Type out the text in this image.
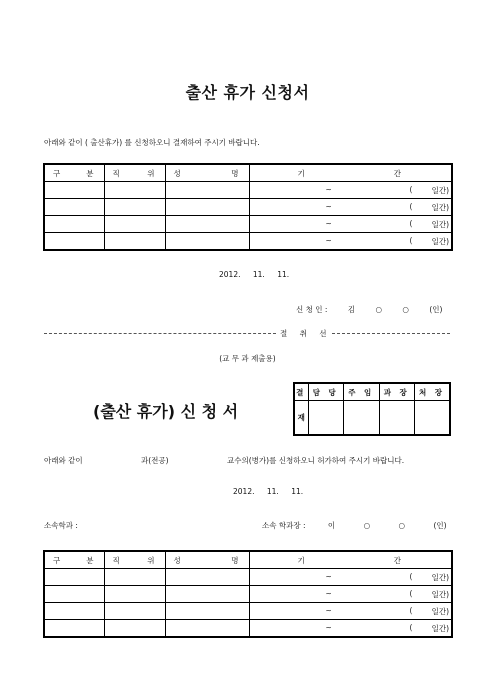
출산 휴가 신청서
아래와 같이 ( 출산휴가) 를 신청하오니 결재하여 주시기 바랍니다.
구 분	직 위	성 명	기 간

			~ ( 일간)

			~ ( 일간)

			~ ( 일간)

			~ ( 일간)
2012. 11. 11.
신 청 인 :	김	○	○	(인)
절 취 선
(교 무 과 제출용)
결	담 당	주 임	과 장	처 장
재				
(출산 휴가) 신 청 서
아래와 같이	과(전공)	교수의(병가)를 신청하오니 허가하여 주시기 바랍니다.
2012. 11. 11.
소속학과 :	소속 학과장 :	이	○	○	(인)
구 분	직 위	성 명	기 간

			~ ( 일간)

			~ ( 일간)

			~ ( 일간)

			~ ( 일간)
